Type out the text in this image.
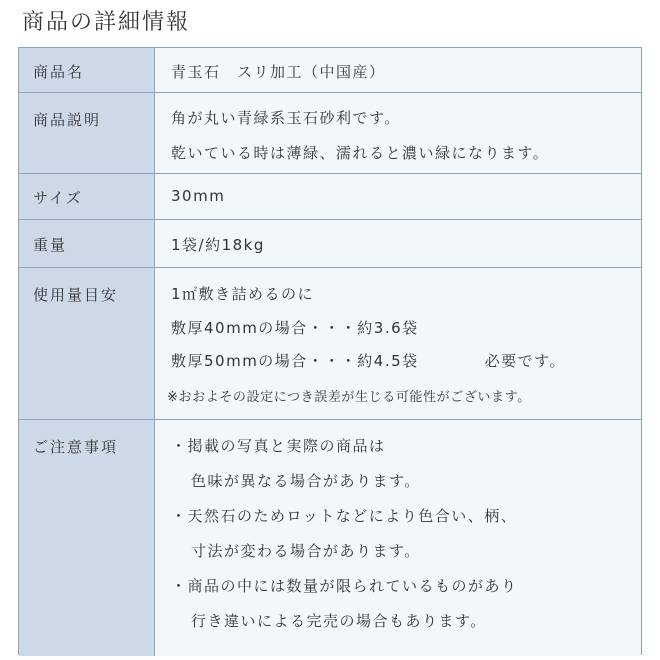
商品の詳細情報
商品名	青玉石　スリ加工（中国産）
商品説明	角が丸い青緑系玉石砂利です。
乾いている時は薄緑、濡れると濃い緑になります。
サイズ	30mm
重量	1袋/約18kg
使用量目安	1㎡敷き詰めるのに
敷厚40mmの場合・・・約3.6袋
敷厚50mmの場合・・・約4.5袋	必要です。
※おおよその設定につき誤差が生じる可能性がございます。
ご注意事項	・掲載の写真と実際の商品は
色味が異なる場合があります。
・天然石のためロットなどにより色合い、柄、
寸法が変わる場合があります。
・商品の中には数量が限られているものがあり
行き違いによる完売の場合もあります。
